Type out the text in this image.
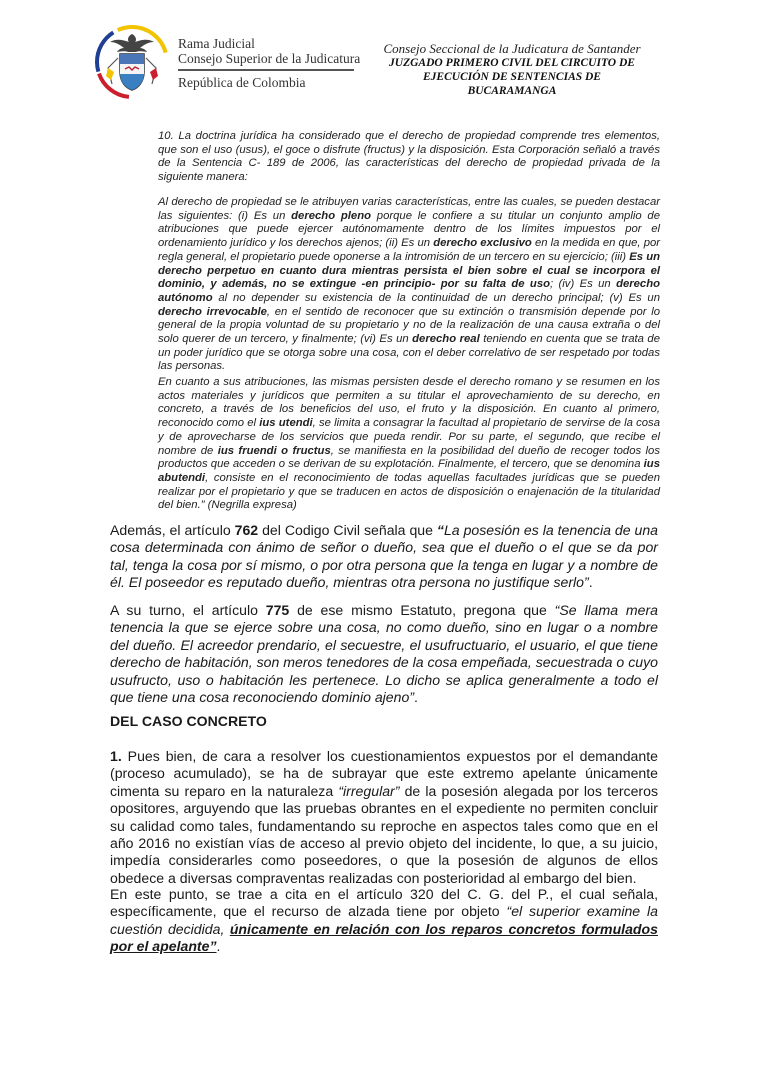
Rama Judicial
Consejo Superior de la Judicatura
República de Colombia
Consejo Seccional de la Judicatura de Santander
JUZGADO PRIMERO CIVIL DEL CIRCUITO DE
EJECUCIÓN DE SENTENCIAS DE
BUCARAMANGA

10. La doctrina jurídica ha considerado que el derecho de propiedad comprende tres elementos, que son el uso (usus), el goce o disfrute (fructus) y la disposición. Esta Corporación señaló a través de la Sentencia C- 189 de 2006, las características del derecho de propiedad privada de la siguiente manera:

Al derecho de propiedad se le atribuyen varias características, entre las cuales, se pueden destacar las siguientes: (i) Es un derecho pleno porque le confiere a su titular un conjunto amplio de atribuciones que puede ejercer autónomamente dentro de los límites impuestos por el ordenamiento jurídico y los derechos ajenos; (ii) Es un derecho exclusivo en la medida en que, por regla general, el propietario puede oponerse a la intromisión de un tercero en su ejercicio; (iii) Es un derecho perpetuo en cuanto dura mientras persista el bien sobre el cual se incorpora el dominio, y además, no se extingue -en principio- por su falta de uso; (iv) Es un derecho autónomo al no depender su existencia de la continuidad de un derecho principal; (v) Es un derecho irrevocable, en el sentido de reconocer que su extinción o transmisión depende por lo general de la propia voluntad de su propietario y no de la realización de una causa extraña o del solo querer de un tercero, y finalmente; (vi) Es un derecho real teniendo en cuenta que se trata de un poder jurídico que se otorga sobre una cosa, con el deber correlativo de ser respetado por todas las personas.

En cuanto a sus atribuciones, las mismas persisten desde el derecho romano y se resumen en los actos materiales y jurídicos que permiten a su titular el aprovechamiento de su derecho, en concreto, a través de los beneficios del uso, el fruto y la disposición. En cuanto al primero, reconocido como el ius utendi, se limita a consagrar la facultad al propietario de servirse de la cosa y de aprovecharse de los servicios que pueda rendir. Por su parte, el segundo, que recibe el nombre de ius fruendi o fructus, se manifiesta en la posibilidad del dueño de recoger todos los productos que acceden o se derivan de su explotación. Finalmente, el tercero, que se denomina ius abutendi, consiste en el reconocimiento de todas aquellas facultades jurídicas que se pueden realizar por el propietario y que se traducen en actos de disposición o enajenación de la titularidad del bien.” (Negrilla expresa)

Además, el artículo 762 del Codigo Civil señala que “La posesión es la tenencia de una cosa determinada con ánimo de señor o dueño, sea que el dueño o el que se da por tal, tenga la cosa por sí mismo, o por otra persona que la tenga en lugar y a nombre de él. El poseedor es reputado dueño, mientras otra persona no justifique serlo”.

A su turno, el artículo 775 de ese mismo Estatuto, pregona que “Se llama mera tenencia la que se ejerce sobre una cosa, no como dueño, sino en lugar o a nombre del dueño. El acreedor prendario, el secuestre, el usufructuario, el usuario, el que tiene derecho de habitación, son meros tenedores de la cosa empeñada, secuestrada o cuyo usufructo, uso o habitación les pertenece. Lo dicho se aplica generalmente a todo el que tiene una cosa reconociendo dominio ajeno”.

DEL CASO CONCRETO

1. Pues bien, de cara a resolver los cuestionamientos expuestos por el demandante (proceso acumulado), se ha de subrayar que este extremo apelante únicamente cimenta su reparo en la naturaleza “irregular” de la posesión alegada por los terceros opositores, arguyendo que las pruebas obrantes en el expediente no permiten concluir su calidad como tales, fundamentando su reproche en aspectos tales como que en el año 2016 no existían vías de acceso al previo objeto del incidente, lo que, a su juicio, impedía considerarles como poseedores, o que la posesión de algunos de ellos obedece a diversas compraventas realizadas con posterioridad al embargo del bien.

En este punto, se trae a cita en el artículo 320 del C. G. del P., el cual señala, específicamente, que el recurso de alzada tiene por objeto “el superior examine la cuestión decidida, únicamente en relación con los reparos concretos formulados por el apelante”.
